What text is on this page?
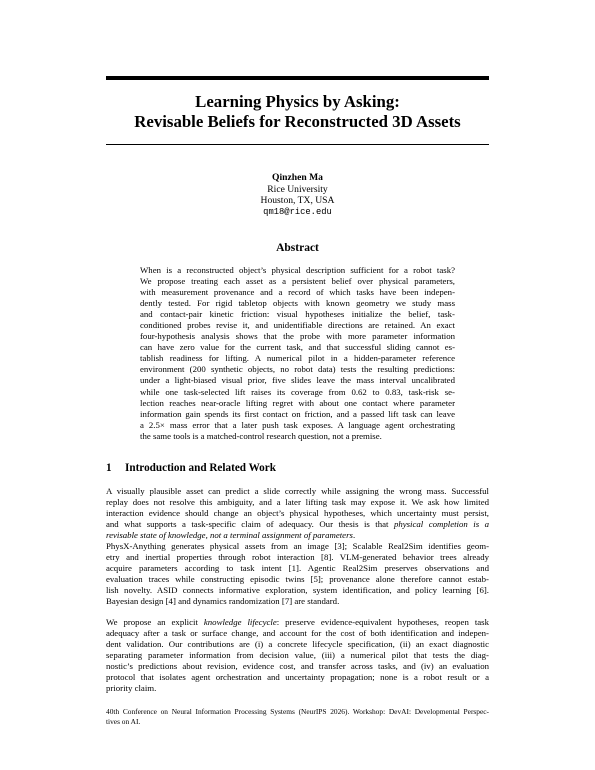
Learning Physics by Asking:
Revisable Beliefs for Reconstructed 3D Assets
Qinzhen Ma
Rice University
Houston, TX, USA
qm18@rice.edu
Abstract
When is a reconstructed object’s physical description sufficient for a robot task?
We propose treating each asset as a persistent belief over physical parameters,
with measurement provenance and a record of which tasks have been indepen-
dently tested. For rigid tabletop objects with known geometry we study mass
and contact-pair kinetic friction: visual hypotheses initialize the belief, task-
conditioned probes revise it, and unidentifiable directions are retained. An exact
four-hypothesis analysis shows that the probe with more parameter information
can have zero value for the current task, and that successful sliding cannot es-
tablish readiness for lifting. A numerical pilot in a hidden-parameter reference
environment (200 synthetic objects, no robot data) tests the resulting predictions:
under a light-biased visual prior, five slides leave the mass interval uncalibrated
while one task-selected lift raises its coverage from 0.62 to 0.83, task-risk se-
lection reaches near-oracle lifting regret with about one contact where parameter
information gain spends its first contact on friction, and a passed lift task can leave
a 2.5× mass error that a later push task exposes. A language agent orchestrating
the same tools is a matched-control research question, not a premise.
1 Introduction and Related Work
A visually plausible asset can predict a slide correctly while assigning the wrong mass. Successful
replay does not resolve this ambiguity, and a later lifting task may expose it. We ask how limited
interaction evidence should change an object’s physical hypotheses, which uncertainty must persist,
and what supports a task-specific claim of adequacy. Our thesis is that physical completion is a
revisable state of knowledge, not a terminal assignment of parameters.
PhysX-Anything generates physical assets from an image [3]; Scalable Real2Sim identifies geom-
etry and inertial properties through robot interaction [8]. VLM-generated behavior trees already
acquire parameters according to task intent [1]. Agentic Real2Sim preserves observations and
evaluation traces while constructing episodic twins [5]; provenance alone therefore cannot estab-
lish novelty. ASID connects informative exploration, system identification, and policy learning [6].
Bayesian design [4] and dynamics randomization [7] are standard.
We propose an explicit knowledge lifecycle: preserve evidence-equivalent hypotheses, reopen task
adequacy after a task or surface change, and account for the cost of both identification and indepen-
dent validation. Our contributions are (i) a concrete lifecycle specification, (ii) an exact diagnostic
separating parameter information from decision value, (iii) a numerical pilot that tests the diag-
nostic’s predictions about revision, evidence cost, and transfer across tasks, and (iv) an evaluation
protocol that isolates agent orchestration and uncertainty propagation; none is a robot result or a
priority claim.
40th Conference on Neural Information Processing Systems (NeurIPS 2026). Workshop: DevAI: Developmental Perspec-
tives on AI.
